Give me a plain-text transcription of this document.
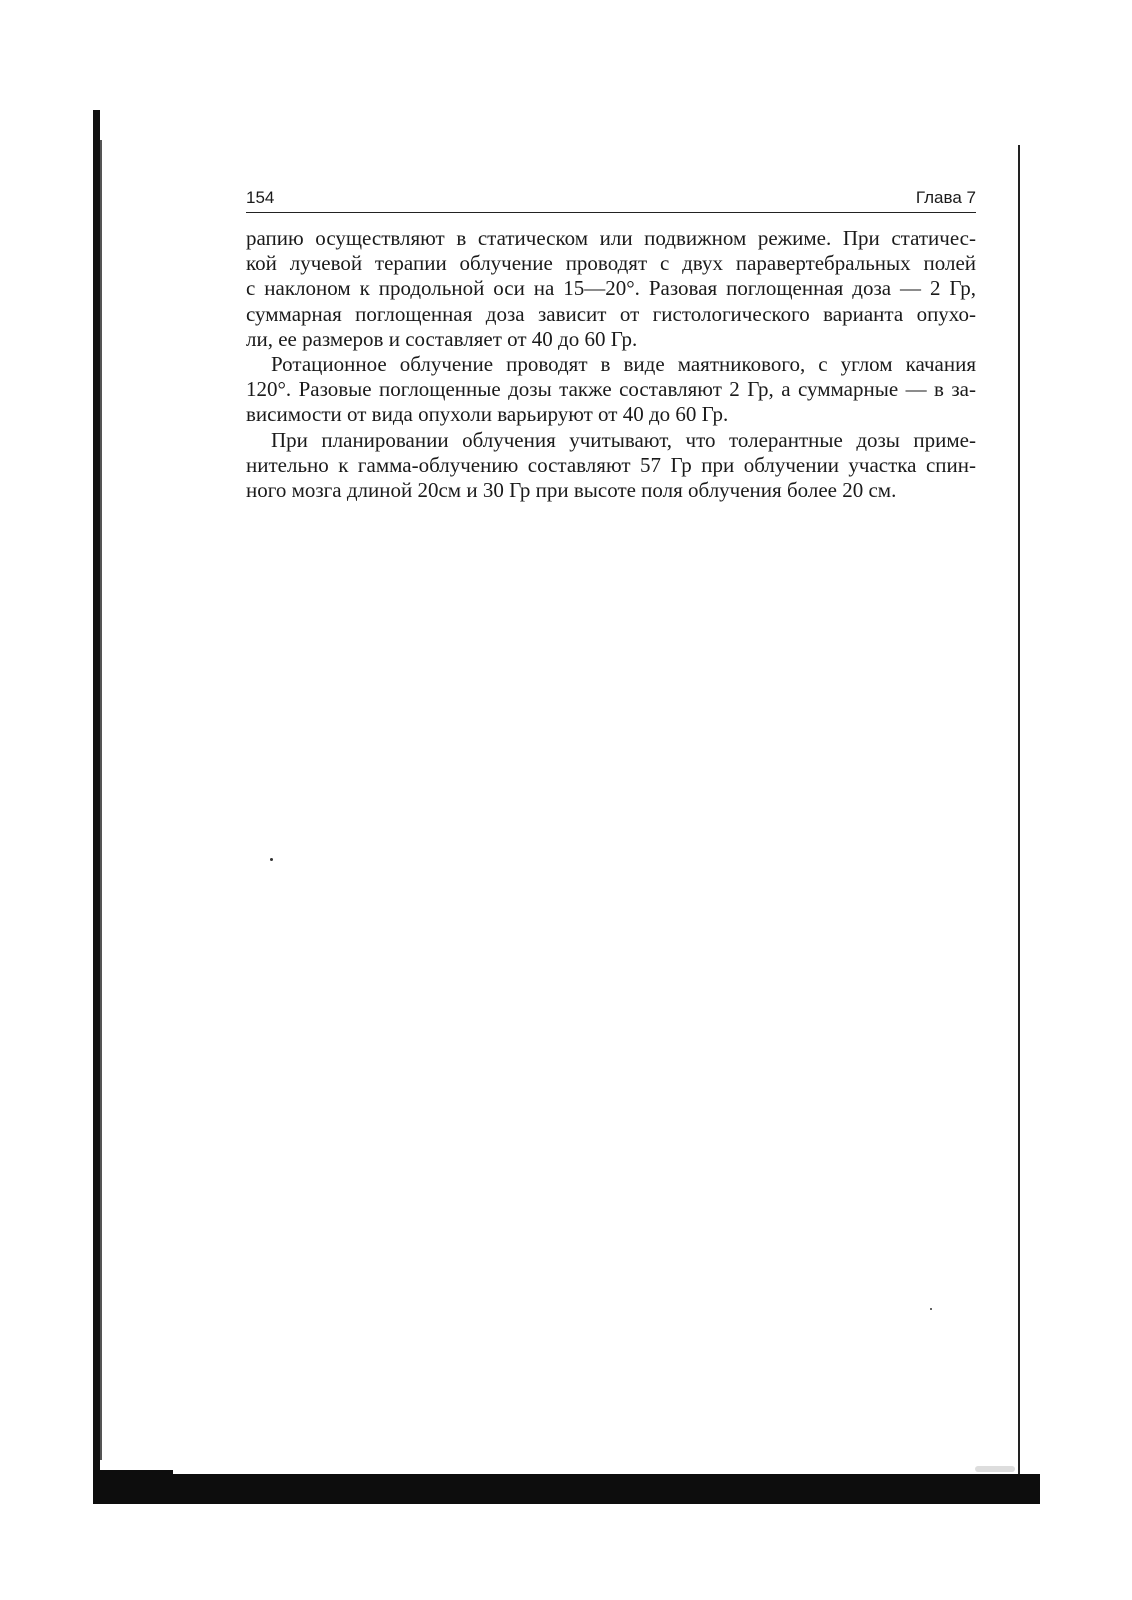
154	Глава 7
рапию осуществляют в статическом или подвижном режиме. При статичес-
кой лучевой терапии облучение проводят с двух паравертебральных полей
с наклоном к продольной оси на 15—20°. Разовая поглощенная доза — 2 Гр,
суммарная поглощенная доза зависит от гистологического варианта опухо-
ли, ее размеров и составляет от 40 до 60 Гр.
Ротационное облучение проводят в виде маятникового, с углом качания
120°. Разовые поглощенные дозы также составляют 2 Гр, а суммарные — в за-
висимости от вида опухоли варьируют от 40 до 60 Гр.
При планировании облучения учитывают, что толерантные дозы приме-
нительно к гамма-облучению составляют 57 Гр при облучении участка спин-
ного мозга длиной 20см и 30 Гр при высоте поля облучения более 20 см.
